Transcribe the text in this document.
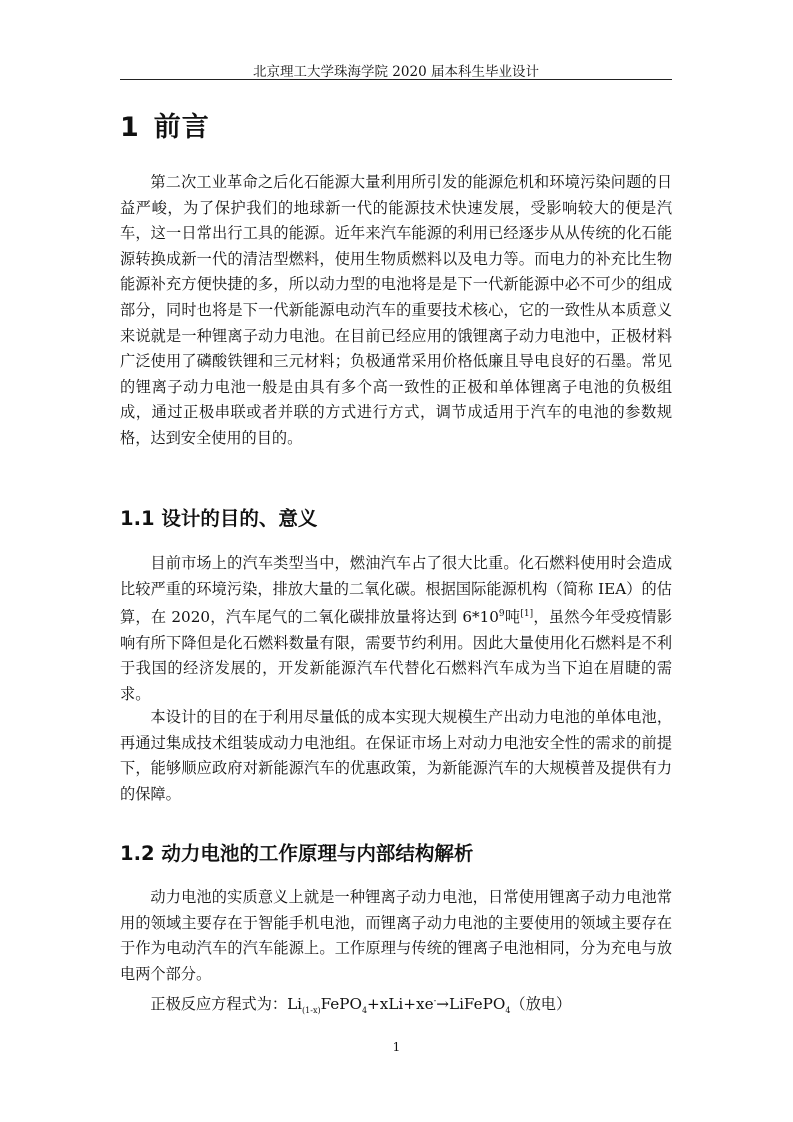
北京理工大学珠海学院 2020 届本科生毕业设计
1 前言

第二次工业革命之后化石能源大量利用所引发的能源危机和环境污染问题的日益严峻，为了保护我们的地球新一代的能源技术快速发展，受影响较大的便是汽车，这一日常出行工具的能源。近年来汽车能源的利用已经逐步从从传统的化石能源转换成新一代的清洁型燃料，使用生物质燃料以及电力等。而电力的补充比生物能源补充方便快捷的多，所以动力型的电池将是是下一代新能源中必不可少的组成部分，同时也将是下一代新能源电动汽车的重要技术核心，它的一致性从本质意义来说就是一种锂离子动力电池。在目前已经应用的饿锂离子动力电池中，正极材料广泛使用了磷酸铁锂和三元材料；负极通常采用价格低廉且导电良好的石墨。常见的锂离子动力电池一般是由具有多个高一致性的正极和单体锂离子电池的负极组成，通过正极串联或者并联的方式进行方式，调节成适用于汽车的电池的参数规格，达到安全使用的目的。

1.1 设计的目的、意义

目前市场上的汽车类型当中，燃油汽车占了很大比重。化石燃料使用时会造成比较严重的环境污染，排放大量的二氧化碳。根据国际能源机构（简称 IEA）的估算，在 2020，汽车尾气的二氧化碳排放量将达到 $6*10^9$吨[1]，虽然今年受疫情影响有所下降但是化石燃料数量有限，需要节约利用。因此大量使用化石燃料是不利于我国的经济发展的，开发新能源汽车代替化石燃料汽车成为当下迫在眉睫的需求。

本设计的目的在于利用尽量低的成本实现大规模生产出动力电池的单体电池，再通过集成技术组装成动力电池组。在保证市场上对动力电池安全性的需求的前提下，能够顺应政府对新能源汽车的优惠政策，为新能源汽车的大规模普及提供有力的保障。

1.2 动力电池的工作原理与内部结构解析

动力电池的实质意义上就是一种锂离子动力电池，日常使用锂离子动力电池常用的领域主要存在于智能手机电池，而锂离子动力电池的主要使用的领域主要存在于作为电动汽车的汽车能源上。工作原理与传统的锂离子电池相同，分为充电与放电两个部分。

正极反应方程式为：$Li_{(1-x)}FePO_4+xLi+xe^-\to LiFePO_4$（放电）
1
